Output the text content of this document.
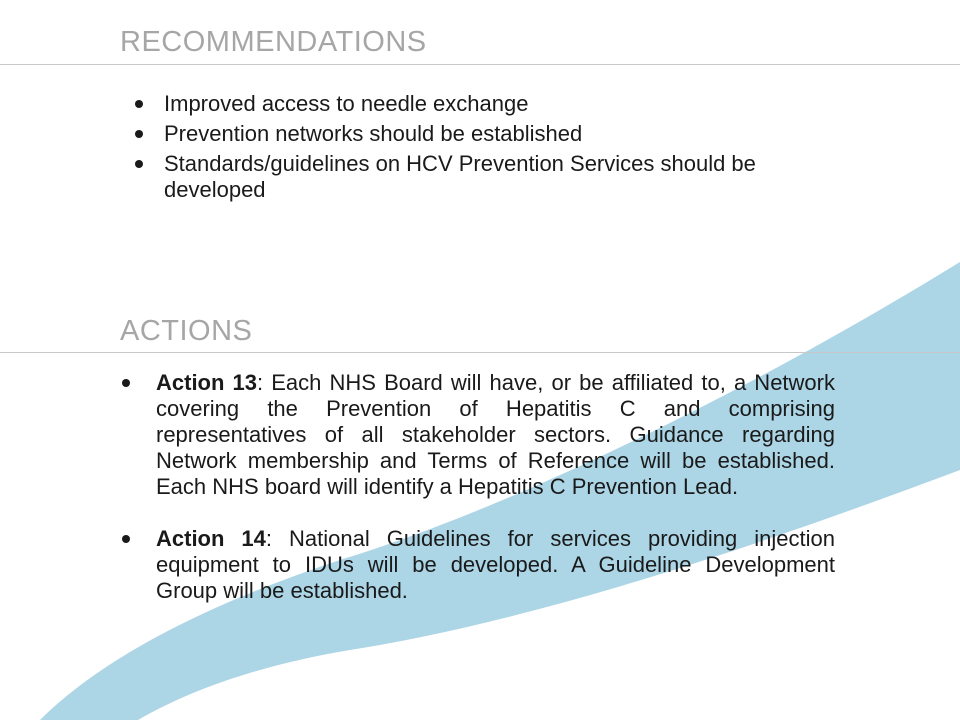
RECOMMENDATIONS
Improved access to needle exchange
Prevention networks should be established
Standards/guidelines on HCV Prevention Services should be developed
ACTIONS
Action 13: Each NHS Board will have, or be affiliated to, a Network covering the Prevention of Hepatitis C and comprising representatives of all stakeholder sectors. Guidance regarding Network membership and Terms of Reference will be established. Each NHS board will identify a Hepatitis C Prevention Lead.
Action 14: National Guidelines for services providing injection equipment to IDUs will be developed. A Guideline Development Group will be established.
